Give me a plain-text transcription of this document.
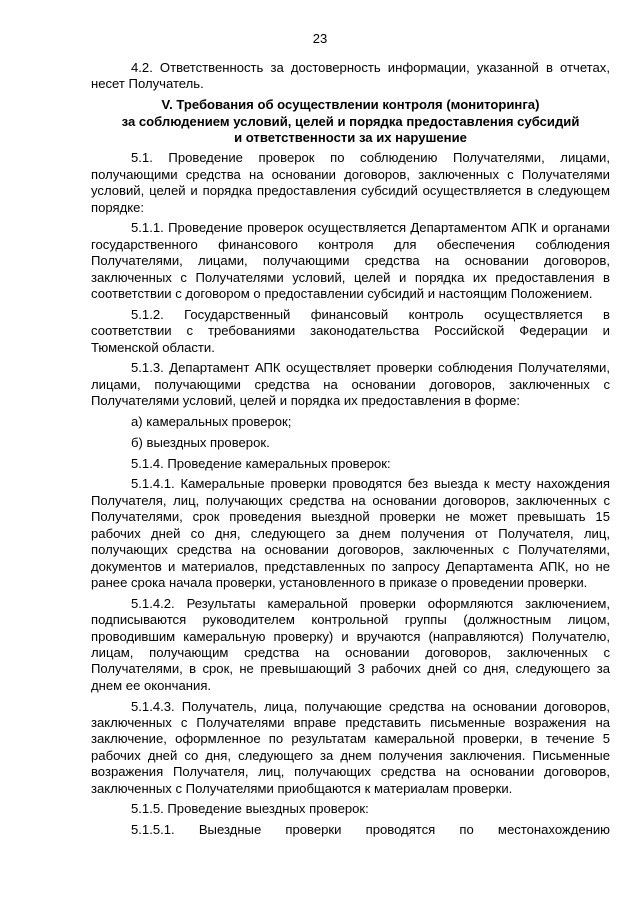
23

4.2. Ответственность за достоверность информации, указанной в отчетах, несет Получатель.

V. Требования об осуществлении контроля (мониторинга)
за соблюдением условий, целей и порядка предоставления субсидий
и ответственности за их нарушение

5.1. Проведение проверок по соблюдению Получателями, лицами, получающими средства на основании договоров, заключенных с Получателями условий, целей и порядка предоставления субсидий осуществляется в следующем порядке:

5.1.1. Проведение проверок осуществляется Департаментом АПК и органами государственного финансового контроля для обеспечения соблюдения Получателями, лицами, получающими средства на основании договоров, заключенных с Получателями условий, целей и порядка их предоставления в соответствии с договором о предоставлении субсидий и настоящим Положением.

5.1.2. Государственный финансовый контроль осуществляется в соответствии с требованиями законодательства Российской Федерации и Тюменской области.

5.1.3. Департамент АПК осуществляет проверки соблюдения Получателями, лицами, получающими средства на основании договоров, заключенных с Получателями условий, целей и порядка их предоставления в форме:

а) камеральных проверок;

б) выездных проверок.

5.1.4. Проведение камеральных проверок:

5.1.4.1. Камеральные проверки проводятся без выезда к месту нахождения Получателя, лиц, получающих средства на основании договоров, заключенных с Получателями, срок проведения выездной проверки не может превышать 15 рабочих дней со дня, следующего за днем получения от Получателя, лиц, получающих средства на основании договоров, заключенных с Получателями, документов и материалов, представленных по запросу Департамента АПК, но не ранее срока начала проверки, установленного в приказе о проведении проверки.

5.1.4.2. Результаты камеральной проверки оформляются заключением, подписываются руководителем контрольной группы (должностным лицом, проводившим камеральную проверку) и вручаются (направляются) Получателю, лицам, получающим средства на основании договоров, заключенных с Получателями, в срок, не превышающий 3 рабочих дней со дня, следующего за днем ее окончания.

5.1.4.3. Получатель, лица, получающие средства на основании договоров, заключенных с Получателями вправе представить письменные возражения на заключение, оформленное по результатам камеральной проверки, в течение 5 рабочих дней со дня, следующего за днем получения заключения. Письменные возражения Получателя, лиц, получающих средства на основании договоров, заключенных с Получателями приобщаются к материалам проверки.

5.1.5. Проведение выездных проверок:

5.1.5.1. Выездные проверки проводятся по местонахождению
